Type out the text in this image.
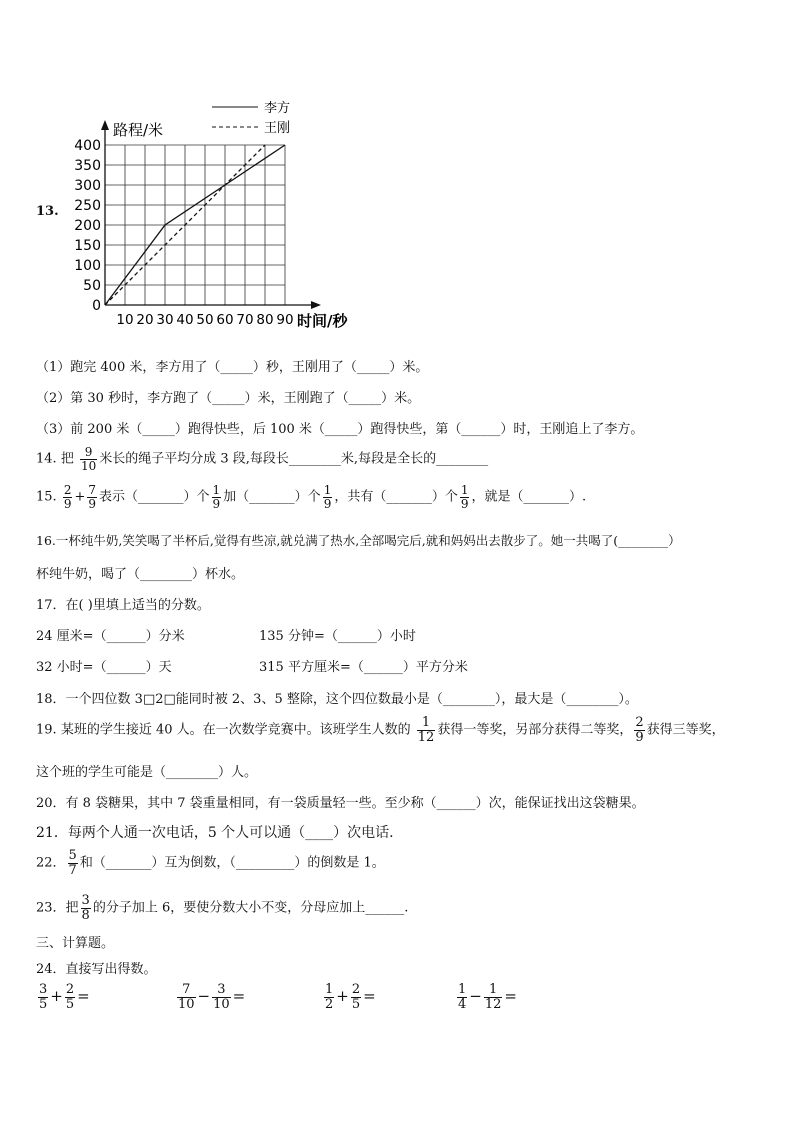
13.
0
50
100
150
200
250
300
350
400
10 20 30 40 50 60 70 80 90
路程/米
时间/秒
李方
王刚
（1）跑完 400 米，李方用了（_____）秒，王刚用了（_____）米。
（2）第 30 秒时，李方跑了（_____）米，王刚跑了（_____）米。
（3）前 200 米（_____）跑得快些，后 100 米（_____）跑得快些，第（______）时，王刚追上了李方。
14. 把 $\frac{9}{10}$ 米长的绳子平均分成 3 段,每段长________米,每段是全长的________
15. $\frac{2}{9} + \frac{7}{9}$ 表示（_______）个 $\frac{1}{9}$ 加（_______）个 $\frac{1}{9}$ ，共有（_______）个 $\frac{1}{9}$ ，就是（_______）.
16.一杯纯牛奶,笑笑喝了半杯后,觉得有些凉,就兑满了热水,全部喝完后,就和妈妈出去散步了。她一共喝了(________）
杯纯牛奶，喝了（________）杯水。
17．在( )里填上适当的分数。
24 厘米=（______）分米	135 分钟=（______）小时
32 小时=（______）天	315 平方厘米=（______）平方分米
18．一个四位数 3□2□能同时被 2、3、5 整除，这个四位数最小是（________），最大是（________）。
19. 某班的学生接近 40 人。在一次数学竞赛中。该班学生人数的 $\frac{1}{12}$ 获得一等奖，另部分获得二等奖， $\frac{2}{9}$ 获得三等奖，
这个班的学生可能是（________）人。
20．有 8 袋糖果，其中 7 袋重量相同，有一袋质量轻一些。至少称（______）次，能保证找出这袋糖果。
21．每两个人通一次电话，5 个人可以通（____）次电话.
22． $\frac{5}{7}$ 和（_______）互为倒数，（_________）的倒数是 1。
23．把 $\frac{3}{8}$ 的分子加上 6，要使分数大小不变，分母应加上______.
三、计算题。
24．直接写出得数。
$\frac{3}{5} + \frac{2}{5}$ =	$\frac{7}{10} - \frac{3}{10}$ =	$\frac{1}{2} + \frac{2}{5}$ =	$\frac{1}{4} - \frac{1}{12}$ =
